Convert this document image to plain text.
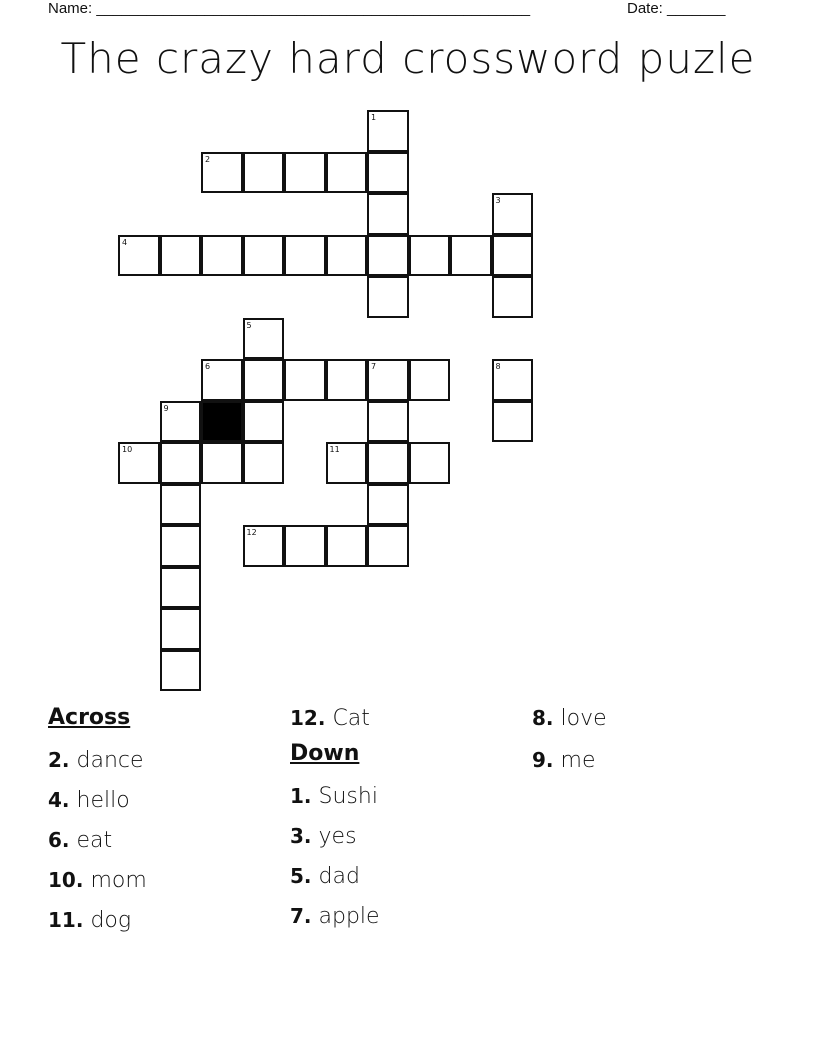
Name: ____________________________________________________	Date: _______
The crazy hard crossword puzle
1
2
3
4
5
6	7	8
9
10	11
12
Across
2. dance
4. hello
6. eat
10. mom
11. dog
12. Cat
Down
1. Sushi
3. yes
5. dad
7. apple
8. love
9. me
